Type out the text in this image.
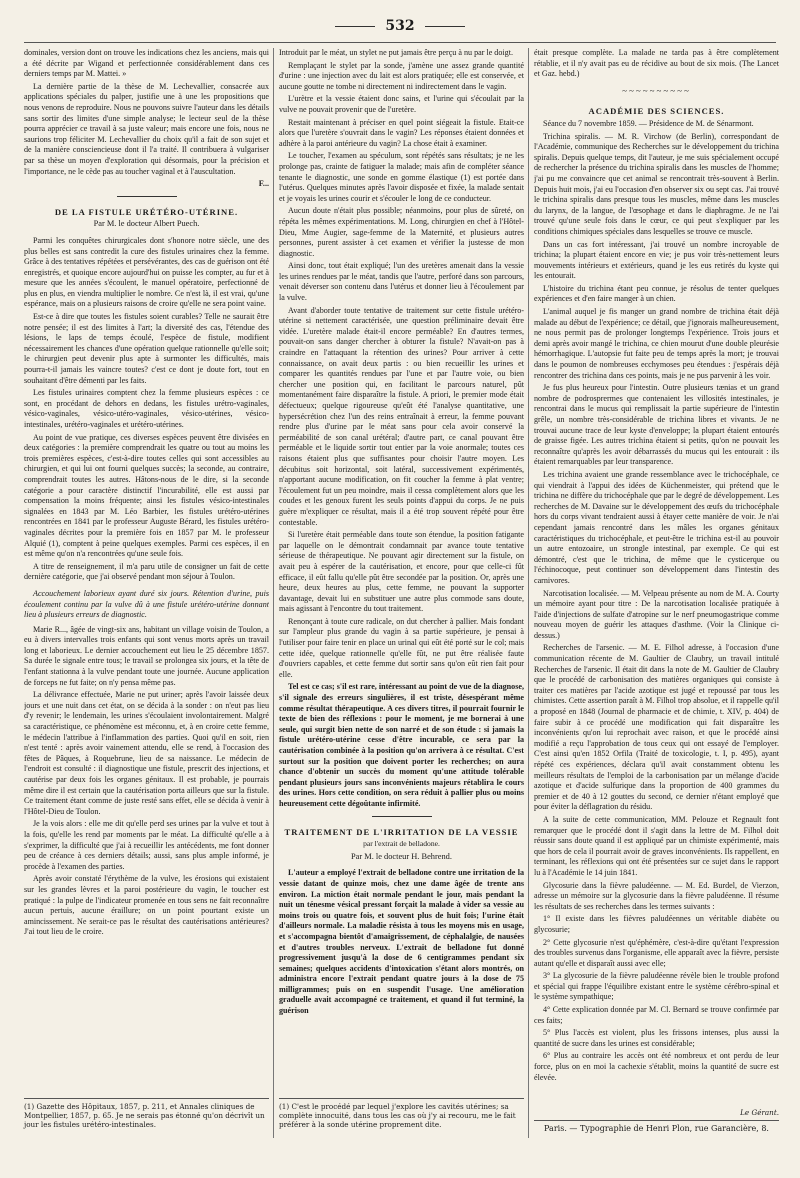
532

dominales, version dont on trouve les indications chez les anciens, mais qui a été décrite par Wigand et perfectionnée considérablement dans ces derniers temps par M. Mattei. »

La dernière partie de la thèse de M. Lechevallier, consacrée aux applications spéciales du palper, justifie une à une les propositions que nous venons de reproduire. Nous ne pouvons suivre l'auteur dans les détails sans sortir des limites d'une simple analyse; le lecteur seul de la thèse pourra apprécier ce travail à sa juste valeur; mais encore une fois, nous ne saurions trop féliciter M. Lechevallier du choix qu'il a fait de son sujet et de la manière consciencieuse dont il l'a traité. Il contribuera à vulgariser par sa thèse un moyen d'exploration qui désormais, pour la précision et l'importance, ne le cède pas au toucher vaginal et à l'auscultation.

F...

DE LA FISTULE URÉTÉRO-UTÉRINE.
Par M. le docteur Albert Puech.

Parmi les conquêtes chirurgicales dont s'honore notre siècle, une des plus belles est sans contredit la cure des fistules urinaires chez la femme. Grâce à des tentatives répétées et persévérantes, des cas de guérison ont été enregistrés, et quoique encore aujourd'hui on puisse les compter, au fur et à mesure que les années s'écoulent, le manuel opératoire, perfectionné de plus en plus, en viendra multiplier le nombre. Ce n'est là, il est vrai, qu'une espérance, mais on a plusieurs raisons de croire qu'elle ne sera point vaine.

Est-ce à dire que toutes les fistules soient curables? Telle ne saurait être notre pensée; il est des limites à l'art; la diversité des cas, l'étendue des lésions, le laps de temps écoulé, l'espèce de fistule, modifient nécessairement les chances d'une opération quelque rationnelle qu'elle soit; le chirurgien peut devenir plus apte à surmonter les difficultés, mais pourra-t-il jamais les vaincre toutes? c'est ce dont je doute fort, tout en souhaitant d'être démenti par les faits.

Les fistules urinaires comptent chez la femme plusieurs espèces : ce sont, en procédant de dehors en dedans, les fistules urétro-vaginales, vésico-vaginales, vésico-utéro-vaginales, vésico-utérines, vésico-intestinales, urétéro-vaginales et urétéro-utérines.

Au point de vue pratique, ces diverses espèces peuvent être divisées en deux catégories : la première comprendrait les quatre ou tout au moins les trois premières espèces, c'est-à-dire toutes celles qui sont accessibles au chirurgien, et qui lui ont fourni quelques succès; la seconde, au contraire, comprendrait toutes les autres. Hâtons-nous de le dire, si la seconde catégorie a pour caractère distinctif l'incurabilité, elle est aussi par compensation la moins fréquente; ainsi les fistules vésico-intestinales signalées en 1843 par M. Léo Barbier, les fistules urétéro-utérines rencontrées en 1841 par le professeur Auguste Bérard, les fistules urétéro-vaginales décrites pour la première fois en 1857 par M. le professeur Alquié (1), comptent à peine quelques exemples. Parmi ces espèces, il en est même qu'on n'a rencontrées qu'une seule fois.

A titre de renseignement, il m'a paru utile de consigner un fait de cette dernière catégorie, que j'ai observé pendant mon séjour à Toulon.

Accouchement laborieux ayant duré six jours. Rétention d'urine, puis écoulement continu par la vulve dû à une fistule urétéro-utérine donnant lieu à plusieurs erreurs de diagnostic.

Marie R..., âgée de vingt-six ans, habitant un village voisin de Toulon, a eu à divers intervalles trois enfants qui sont venus morts après un travail long et laborieux. Le dernier accouchement eut lieu le 25 décembre 1857. Sa durée le signale entre tous; le travail se prolongea six jours, et la tête de l'enfant stationna à la vulve pendant toute une journée. Aucune application de forceps ne fut faite; on n'y pensa même pas.

La délivrance effectuée, Marie ne put uriner; après l'avoir laissée deux jours et une nuit dans cet état, on se décida à la sonder : on n'eut pas lieu d'y revenir; le lendemain, les urines s'écoulaient involontairement. Malgré sa caractéristique, ce phénomène est méconnu, et, à en croire cette femme, le médecin l'attribue à l'inflammation des parties. Quoi qu'il en soit, rien n'est tenté : après avoir vainement attendu, elle se rend, à l'occasion des fêtes de Pâques, à Roquebrune, lieu de sa naissance. Le médecin de l'endroit est consulté : il diagnostique une fistule, prescrit des injections, et cautérise par deux fois les organes génitaux. Il est probable, je pourrais même dire il est certain que la cautérisation porta ailleurs que sur la fistule. Ce traitement étant comme de juste resté sans effet, elle se décida à venir à l'Hôtel-Dieu de Toulon.

Je la vois alors : elle me dit qu'elle perd ses urines par la vulve et tout à la fois, qu'elle les rend par moments par le méat. La difficulté qu'elle a à s'exprimer, la difficulté que j'ai à recueillir les antécédents, me font donner peu de créance à ces derniers détails; aussi, sans plus ample informé, je procède à l'examen des parties.

Après avoir constaté l'érythème de la vulve, les érosions qui existaient sur les grandes lèvres et la paroi postérieure du vagin, le toucher est pratiqué : la pulpe de l'indicateur promenée en tous sens ne fait reconnaître aucun pertuis, aucune éraillure; on un point pourtant existe un amincissement. Ne serait-ce pas le résultat des cautérisations antérieures? J'ai tout lieu de le croire.

Introduit par le méat, un stylet ne put jamais être perçu à nu par le doigt.

Remplaçant le stylet par la sonde, j'amène une assez grande quantité d'urine : une injection avec du lait est alors pratiquée; elle est conservée, et aucune goutte ne tombe ni directement ni indirectement dans le vagin.

L'urètre et la vessie étaient donc sains, et l'urine qui s'écoulait par la vulve ne pouvait provenir que de l'uretère.

Restait maintenant à préciser en quel point siégeait la fistule. Etait-ce alors que l'uretère s'ouvrait dans le vagin? Les réponses étaient données et adhère à la paroi antérieure du vagin? La chose était à examiner.

Le toucher, l'examen au spéculum, sont répétés sans résultats; je ne les prolonge pas, crainte de fatiguer la malade; mais afin de compléter séance tenante le diagnostic, une sonde en gomme élastique (1) est portée dans l'utérus. Quelques minutes après l'avoir disposée et fixée, la malade sentait et je voyais les urines courir et s'écouler le long de ce conducteur.

Aucun doute n'était plus possible; néanmoins, pour plus de sûreté, on répéta les mêmes expérimentations. M. Long, chirurgien en chef à l'Hôtel-Dieu, Mme Augier, sage-femme de la Maternité, et plusieurs autres personnes, purent assister à cet examen et vérifier la justesse de mon diagnostic.

Ainsi donc, tout était expliqué; l'un des uretères amenait dans la vessie les urines rendues par le méat, tandis que l'autre, perforé dans son parcours, venait déverser son contenu dans l'utérus et donner lieu à l'écoulement par la vulve.

Avant d'aborder toute tentative de traitement sur cette fistule urétéro-utérine si nettement caractérisée, une question préliminaire devait être vidée. L'uretère malade était-il encore perméable? En d'autres termes, pouvait-on sans danger chercher à obturer la fistule? N'avait-on pas à craindre en l'attaquant la rétention des urines? Pour arriver à cette connaissance, on avait deux partis : ou bien recueillir les urines et comparer les quantités rendues par l'une et par l'autre voie, ou bien chercher une position qui, en facilitant le parcours naturel, pût momentanément faire disparaître la fistule. A priori, le premier mode était défectueux; quelque rigoureuse qu'eût été l'analyse quantitative, une hypersécrétion chez l'un des reins entraînait à erreur, la femme pouvant rendre plus d'urine par le méat sans pour cela avoir conservé la perméabilité de son canal urétéral; d'autre part, ce canal pouvant être perméable et le liquide sortir tout entier par la voie anormale; toutes ces raisons étaient plus que suffisantes pour choisir l'autre moyen. Les décubitus soit horizontal, soit latéral, successivement expérimentés, n'apportant aucune modification, on fit coucher la femme à plat ventre; l'écoulement fut un peu moindre, mais il cessa complètement alors que les coudes et les genoux furent les seuls points d'appui du corps. Je ne puis guère m'expliquer ce résultat, mais il a été trop souvent répété pour être contestable.

Si l'uretère était perméable dans toute son étendue, la position fatigante par laquelle on le démontrait condamnait par avance toute tentative sérieuse de thérapeutique. Ne pouvant agir directement sur la fistule, on avait peu à espérer de la cautérisation, et encore, pour que celle-ci fût efficace, il eût fallu qu'elle pût être secondée par la position. Or, après une heure, deux heures au plus, cette femme, ne pouvant la supporter davantage, devait lui en substituer une autre plus commode sans doute, mais agissant à l'encontre du tout traitement.

Renonçant à toute cure radicale, on dut chercher à pallier. Mais fondant sur l'ampleur plus grande du vagin à sa partie supérieure, je pensai à l'utiliser pour faire tenir en place un urinal qui eût été porté sur le col; mais cette idée, quelque rationnelle qu'elle fût, ne put être réalisée faute d'ouvriers capables, et cette femme dut sortir sans qu'on eût rien fait pour elle.

Tel est ce cas; s'il est rare, intéressant au point de vue de la diagnose, s'il signale des erreurs singulières, il est triste, désespérant même comme résultat thérapeutique. A ces divers titres, il pourrait fournir le texte de bien des réflexions : pour le moment, je me bornerai à une seule, qui surgit bien nette de son narré et de son étude : si jamais la fistule urétéro-utérine cesse d'être incurable, ce sera par la cautérisation combinée à la position qu'on arrivera à ce résultat. C'est surtout sur la position que doivent porter les recherches; on aura chance d'obtenir un succès du moment qu'une attitude tolérable pendant plusieurs jours sans inconvénients majeurs rétablira le cours des urines. Hors cette condition, on sera réduit à pallier plus ou moins heureusement cette dégoûtante infirmité.

TRAITEMENT DE L'IRRITATION DE LA VESSIE
par l'extrait de belladone.
Par M. le docteur H. Behrend.

L'auteur a employé l'extrait de belladone contre une irritation de la vessie datant de quinze mois, chez une dame âgée de trente ans environ. La miction était normale pendant le jour, mais pendant la nuit un ténesme vésical pressant forçait la malade à vider sa vessie au moins trois ou quatre fois, et souvent plus de huit fois; l'urine était d'ailleurs normale. La maladie résista à tous les moyens mis en usage, et s'accompagna bientôt d'amaigrissement, de céphalalgie, de nausées et d'autres troubles nerveux. L'extrait de belladone fut donné progressivement jusqu'à la dose de 6 centigrammes pendant six semaines; quelques accidents d'intoxication s'étant alors montrés, on administra encore l'extrait pendant quatre jours à la dose de 75 milligrammes; puis on en suspendit l'usage. Une amélioration graduelle avait accompagné ce traitement, et quand il fut terminé, la guérison

était presque complète. La malade ne tarda pas à être complètement rétablie, et il n'y avait pas eu de récidive au bout de six mois. (The Lancet et Gaz. hebd.)

~~~~~~~~~~
ACADÉMIE DES SCIENCES.

Séance du 7 novembre 1859. — Présidence de M. de Sénarmont.

Trichina spiralis. — M. R. Virchow (de Berlin), correspondant de l'Académie, communique des Recherches sur le développement du trichina spiralis. Depuis quelque temps, dit l'auteur, je me suis spécialement occupé de rechercher la présence du trichina spiralis dans les muscles de l'homme; j'ai pu me convaincre que cet animal se rencontrait très-souvent à Berlin. Depuis huit mois, j'ai eu l'occasion d'en observer six ou sept cas. J'ai trouvé le trichina spiralis dans presque tous les muscles, même dans les muscles du larynx, de la langue, de l'œsophage et dans le diaphragme. Je ne l'ai trouvé qu'une seule fois dans le cœur, ce qui peut s'expliquer par les conditions chimiques spéciales dans lesquelles se trouve ce muscle.

Dans un cas fort intéressant, j'ai trouvé un nombre incroyable de trichina; la plupart étaient encore en vie; je pus voir très-nettement leurs mouvements intérieurs et extérieurs, quand je les eus retirés du kyste qui les entourait.

L'histoire du trichina étant peu connue, je résolus de tenter quelques expériences et d'en faire manger à un chien.

L'animal auquel je fis manger un grand nombre de trichina était déjà malade au début de l'expérience; ce détail, que j'ignorais malheureusement, ne nous permit pas de prolonger longtemps l'expérience. Trois jours et demi après avoir mangé le trichina, ce chien mourut d'une double pleurésie hémorrhagique. L'autopsie fut faite peu de temps après la mort; je trouvai dans le poumon de nombreuses ecchymoses peu étendues : j'espérais déjà rencontrer des trichina dans ces points, mais je ne pus parvenir à les voir.

Je fus plus heureux pour l'intestin. Outre plusieurs tænias et un grand nombre de podrosprermes que contenaient les villosités intestinales, je rencontrai dans le mucus qui remplissait la partie supérieure de l'intestin grêle, un nombre très-considérable de trichina libres et vivants. Je ne trouvai aucune trace de leur kyste d'enveloppe; la plupart étaient entourés de graisse figée. Les autres trichina étaient si petits, qu'on ne pouvait les reconnaître qu'après les avoir débarrassés du mucus qui les entourait : ils étaient remarquables par leur transparence.

Les trichina avaient une grande ressemblance avec le trichocéphale, ce qui viendrait à l'appui des idées de Küchenmeister, qui prétend que le trichina ne diffère du trichocéphale que par le degré de développement. Les recherches de M. Davaine sur le développement des œufs du trichocéphale hors du corps vivant tendraient aussi à étayer cette manière de voir. Je n'ai cependant jamais rencontré dans les mâles les organes génitaux caractéristiques du trichocéphale, et peut-être le trichina est-il au pouvoir un autre entozoaire, un strongle intestinal, par exemple. Ce qui est démontré, c'est que le trichina, de même que le cysticerque ou l'échinocoque, peut continuer son développement dans l'intestin des carnivores.

Narcotisation localisée. — M. Velpeau présente au nom de M. A. Courty un mémoire ayant pour titre : De la narcotisation localisée pratiquée à l'aide d'injections de sulfate d'atropine sur le nerf pneumogastrique comme nouveau moyen de guérir les attaques d'asthme. (Voir la Clinique ci-dessus.)

Recherches de l'arsenic. — M. E. Filhol adresse, à l'occasion d'une communication récente de M. Gaultier de Claubry, un travail intitulé Recherches de l'arsenic. Il était dit dans la note de M. Gaultier de Claubry que le procédé de carbonisation des matières organiques qui consiste à traiter ces matières par l'acide azotique est jugé et repoussé par tous les chimistes. Cette assertion paraît à M. Filhol trop absolue, et il rappelle qu'il a proposé en 1848 (Journal de pharmacie et de chimie, t. XIV, p. 404) de faire subir à ce procédé une modification qui fait disparaître les inconvénients qu'on lui reprochait avec raison, et que le procédé ainsi modifié a reçu l'approbation de tous ceux qui ont essayé de l'employer. C'est ainsi qu'en 1852 Orfila (Traité de toxicologie, t. I, p. 495), ayant répété ces expériences, déclara qu'il avait constamment obtenu les meilleurs résultats de l'emploi de la carbonisation par un mélange d'acide azotique et d'acide sulfurique dans la proportion de 400 grammes du premier et de 40 à 12 gouttes du second, ce dernier n'étant employé que pour éviter la déflagration du résidu.

A la suite de cette communication, MM. Pelouze et Regnault font remarquer que le procédé dont il s'agit dans la lettre de M. Filhol doit réussir sans doute quand il est appliqué par un chimiste expérimenté, mais que hors de cela il pourrait avoir de graves inconvénients. Ils rappellent, en terminant, les réflexions qui ont été présentées sur ce sujet dans le rapport lu à l'Académie le 14 juin 1841.

Glycosurie dans la fièvre paludéenne. — M. Ed. Burdel, de Vierzon, adresse un mémoire sur la glycosurie dans la fièvre paludéenne. Il résume les résultats de ses recherches dans les termes suivants :

1° Il existe dans les fièvres paludéennes un véritable diabète ou glycosurie;

2° Cette glycosurie n'est qu'éphémère, c'est-à-dire qu'étant l'expression des troubles survenus dans l'organisme, elle apparaît avec la fièvre, persiste autant qu'elle et disparaît aussi avec elle;

3° La glycosurie de la fièvre paludéenne révèle bien le trouble profond et spécial qui frappe l'équilibre existant entre le système cérébro-spinal et le système sympathique;

4° Cette explication donnée par M. Cl. Bernard se trouve confirmée par ces faits;

5° Plus l'accès est violent, plus les frissons intenses, plus aussi la quantité de sucre dans les urines est considérable;

6° Plus au contraire les accès ont été nombreux et ont perdu de leur force, plus on en moi la cachexie s'établit, moins la quantité de sucre est élevée.

(1) Gazette des Hôpitaux, 1857, p. 211, et Annales cliniques de Montpellier, 1857, p. 65. Je ne serais pas étonné qu'on décrivît un jour les fistules urétéro-intestinales.
(1) C'est le procédé par lequel j'explore les cavités utérines; sa complète innocuité, dans tous les cas où j'y ai recouru, me le fait préférer à la sonde utérine proprement dite.
Le Gérant.
Paris. — Typographie de Henri Plon, rue Garancière, 8.
